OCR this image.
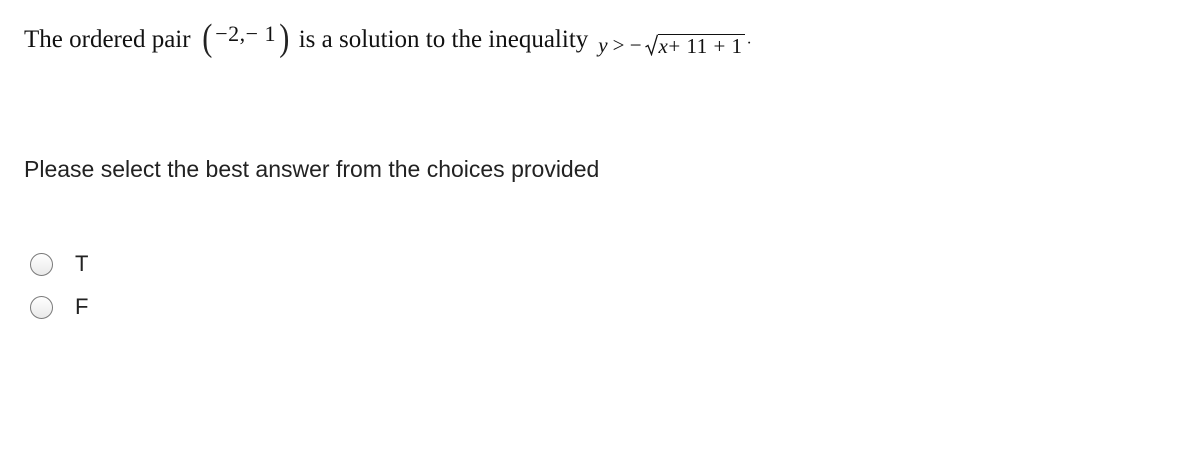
The ordered pair ( −2,− 1 ) is a solution to the inequality y > − x+ 11 + 1 ·
Please select the best answer from the choices provided
T
F
